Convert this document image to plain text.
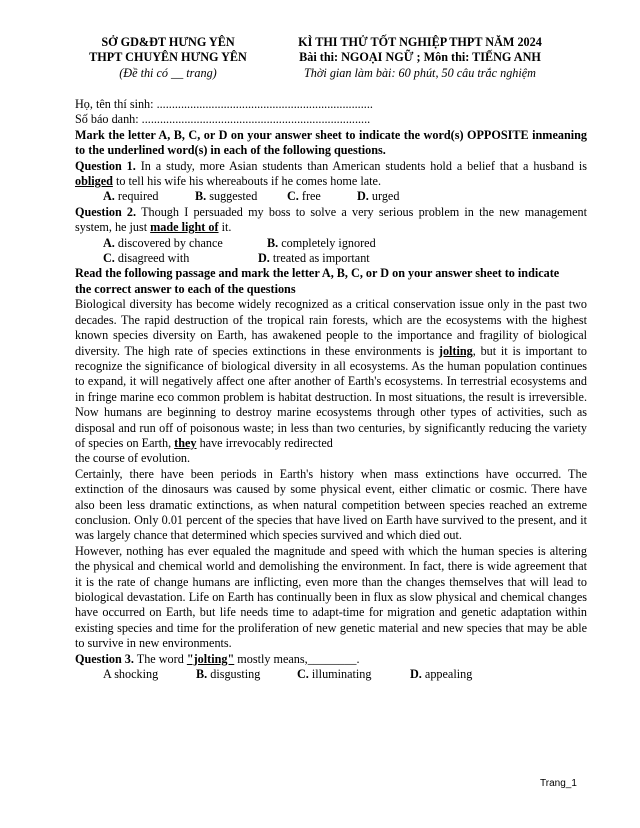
SỞ GD&ĐT HƯNG YÊN
THPT CHUYÊN HƯNG YÊN
(Đề thi có __ trang)
KÌ THI THỬ TỐT NGHIỆP THPT NĂM 2024
Bài thi: NGOẠI NGỮ ; Môn thi: TIẾNG ANH
Thời gian làm bài: 60 phút, 50 câu trắc nghiệm
Họ, tên thí sinh: .......................................................................
Số báo danh: ...........................................................................
Mark the letter A, B, C, or D on your answer sheet to indicate the word(s) OPPOSITE inmeaning to the underlined word(s) in each of the following questions.
Question 1. In a study, more Asian students than American students hold a belief that a husband is obliged to tell his wife his whereabouts if he comes home late.
A. required	B. suggested C. free	D. urged
Question 2. Though I persuaded my boss to solve a very serious problem in the new management system, he just made light of it.
A. discovered by chance	B. completely ignored
C. disagreed with	D. treated as important
Read the following passage and mark the letter A, B, C, or D on your answer sheet to indicate
the correct answer to each of the questions
Biological diversity has become widely recognized as a critical conservation issue only in the past two decades. The rapid destruction of the tropical rain forests, which are the ecosystems with the highest known species diversity on Earth, has awakened people to the importance and fragility of biological diversity. The high rate of species extinctions in these environments is jolting, but it is important to recognize the significance of biological diversity in all ecosystems. As the human population continues to expand, it will negatively affect one after another of Earth's ecosystems. In terrestrial ecosystems and in fringe marine eco common problem is habitat destruction. In most situations, the result is irreversible. Now humans are beginning to destroy marine ecosystems through other types of activities, such as disposal and run off of poisonous waste; in less than two centuries, by significantly reducing the variety of species on Earth, they have irrevocably redirected
the course of evolution.
Certainly, there have been periods in Earth's history when mass extinctions have occurred. The extinction of the dinosaurs was caused by some physical event, either climatic or cosmic. There have also been less dramatic extinctions, as when natural competition between species reached an extreme conclusion. Only 0.01 percent of the species that have lived on Earth have survived to the present, and it was largely chance that determined which species survived and which died out.
However, nothing has ever equaled the magnitude and speed with which the human species is altering the physical and chemical world and demolishing the environment. In fact, there is wide agreement that it is the rate of change humans are inflicting, even more than the changes themselves that will lead to biological devastation. Life on Earth has continually been in flux as slow physical and chemical changes have occurred on Earth, but life needs time to adapt-time for migration and genetic adaptation within existing species and time for the proliferation of new genetic material and new species that may be able to survive in new environments.
Question 3. The word "jolting" mostly means,________.
A shocking	B. disgusting	C. illuminating	D. appealing
Trang_1
